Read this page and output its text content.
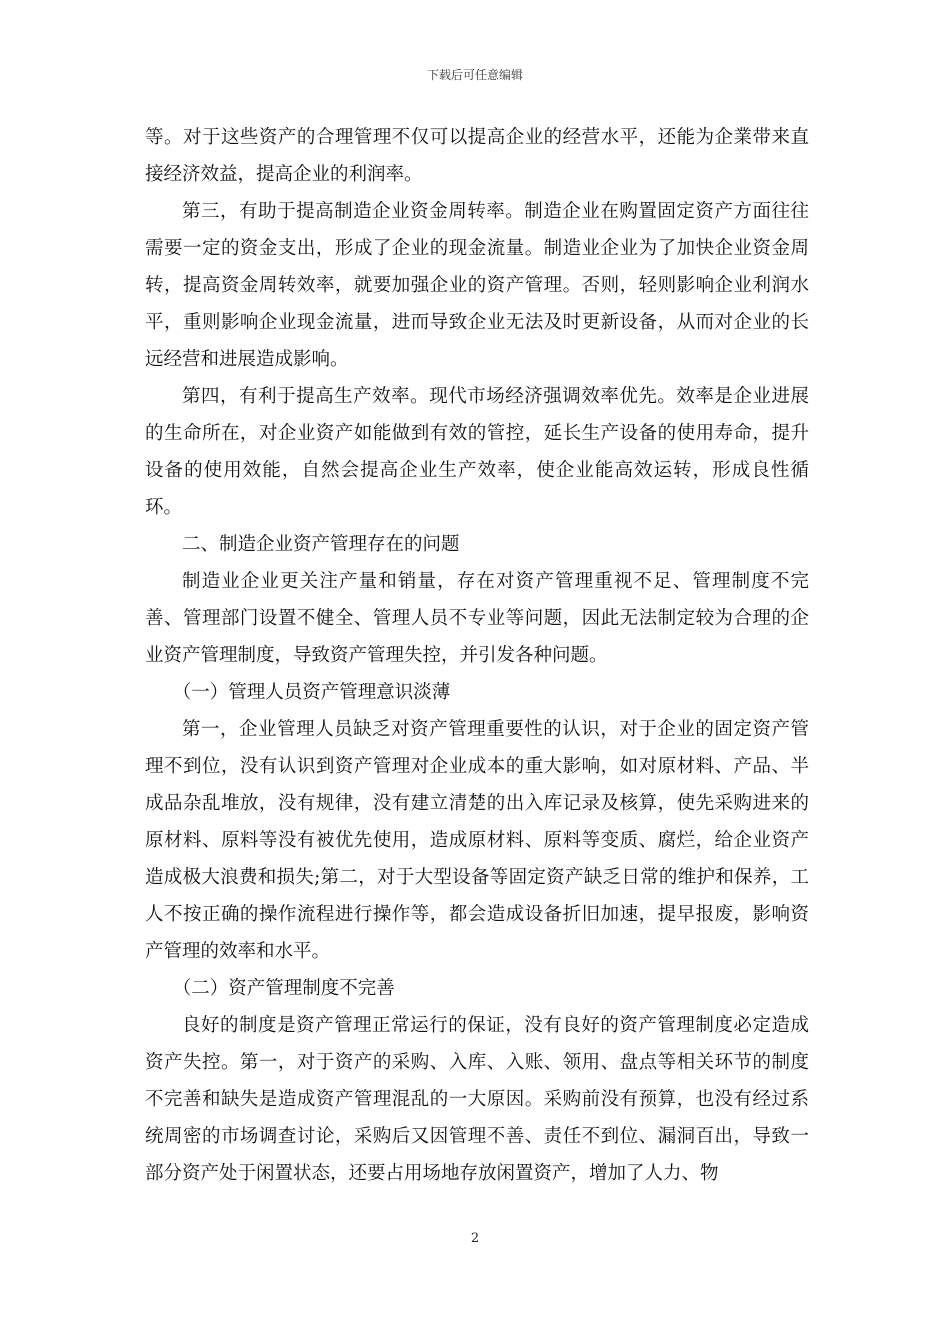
下载后可任意编辑

等。对于这些资产的合理管理不仅可以提高企业的经营水平，还能为企業带来直接经济效益，提高企业的利润率。

第三，有助于提高制造企业资金周转率。制造企业在购置固定资产方面往往需要一定的资金支出，形成了企业的现金流量。制造业企业为了加快企业资金周转，提高资金周转效率，就要加强企业的资产管理。否则，轻则影响企业利润水平，重则影响企业现金流量，进而导致企业无法及时更新设备，从而对企业的长远经营和进展造成影响。

第四，有利于提高生产效率。现代市场经济强调效率优先。效率是企业进展的生命所在，对企业资产如能做到有效的管控，延长生产设备的使用寿命，提升设备的使用效能，自然会提高企业生产效率，使企业能高效运转，形成良性循环。

二、制造企业资产管理存在的问题

制造业企业更关注产量和销量，存在对资产管理重视不足、管理制度不完善、管理部门设置不健全、管理人员不专业等问题，因此无法制定较为合理的企业资产管理制度，导致资产管理失控，并引发各种问题。

（一）管理人员资产管理意识淡薄

第一，企业管理人员缺乏对资产管理重要性的认识，对于企业的固定资产管理不到位，没有认识到资产管理对企业成本的重大影响，如对原材料、产品、半成品杂乱堆放，没有规律，没有建立清楚的出入库记录及核算，使先采购进来的原材料、原料等没有被优先使用，造成原材料、原料等变质、腐烂，给企业资产造成极大浪费和损失;第二，对于大型设备等固定资产缺乏日常的维护和保养，工人不按正确的操作流程进行操作等，都会造成设备折旧加速，提早报废，影响资产管理的效率和水平。

（二）资产管理制度不完善

良好的制度是资产管理正常运行的保证，没有良好的资产管理制度必定造成资产失控。第一，对于资产的采购、入库、入账、领用、盘点等相关环节的制度不完善和缺失是造成资产管理混乱的一大原因。采购前没有预算，也没有经过系统周密的市场调查讨论，采购后又因管理不善、责任不到位、漏洞百出，导致一部分资产处于闲置状态，还要占用场地存放闲置资产，增加了人力、物

2
